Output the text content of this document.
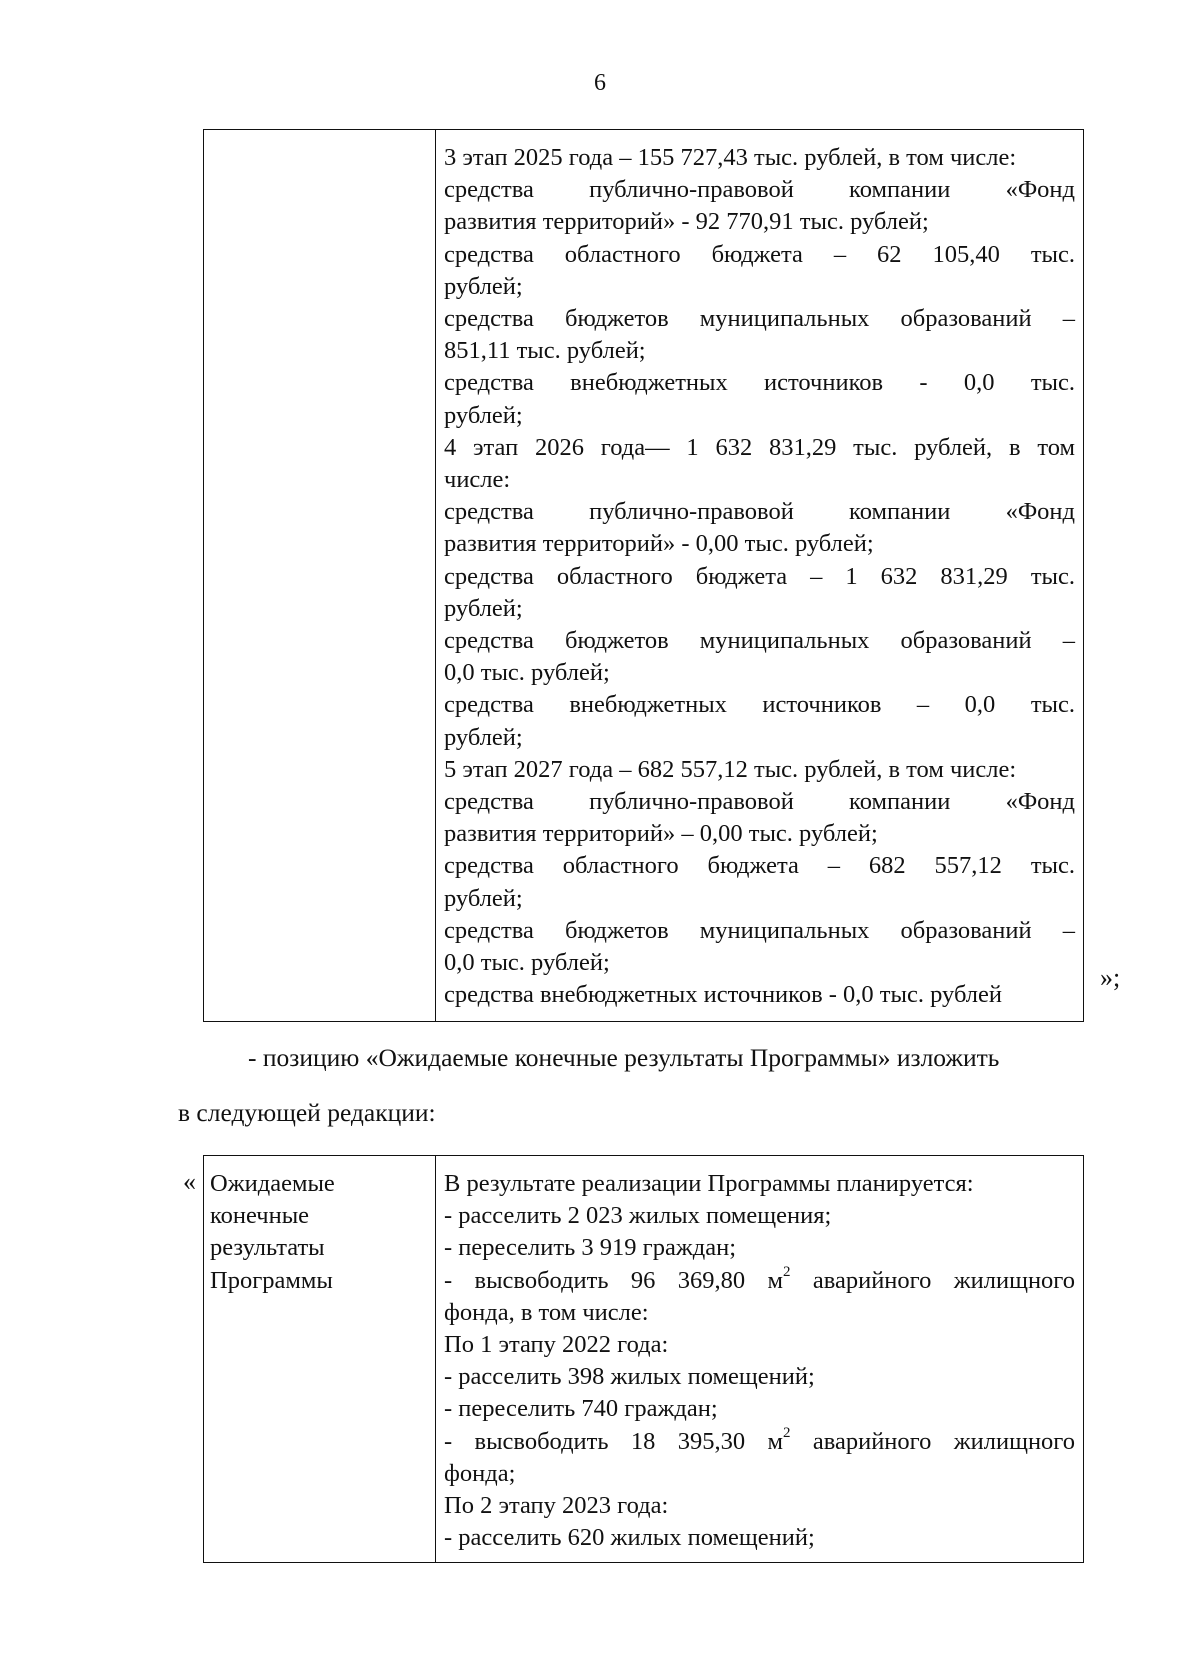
6
3 этап 2025 года – 155 727,43 тыс. рублей, в том числе:
средства публично-правовой компании «Фонд
развития территорий» - 92 770,91 тыс. рублей;
средства областного бюджета – 62 105,40 тыс.
рублей;
средства бюджетов муниципальных образований –
851,11 тыс. рублей;
средства внебюджетных источников - 0,0 тыс.
рублей;
4 этап 2026 года— 1 632 831,29 тыс. рублей, в том
числе:
средства публично-правовой компании «Фонд
развития территорий» - 0,00 тыс. рублей;
средства областного бюджета – 1 632 831,29 тыс.
рублей;
средства бюджетов муниципальных образований –
0,0 тыс. рублей;
средства внебюджетных источников – 0,0 тыс.
рублей;
5 этап 2027 года – 682 557,12 тыс. рублей, в том числе:
средства публично-правовой компании «Фонд
развития территорий» – 0,00 тыс. рублей;
средства областного бюджета – 682 557,12 тыс.
рублей;
средства бюджетов муниципальных образований –
0,0 тыс. рублей;
средства внебюджетных источников - 0,0 тыс. рублей
»;
- позицию «Ожидаемые конечные результаты Программы» изложить
в следующей редакции:
« Ожидаемые
конечные
результаты
Программы
В результате реализации Программы планируется:
- расселить 2 023 жилых помещения;
- переселить 3 919 граждан;
- высвободить 96 369,80 $м^2$ аварийного жилищного
фонда, в том числе:
По 1 этапу 2022 года:
- расселить 398 жилых помещений;
- переселить 740 граждан;
- высвободить 18 395,30 $м^2$ аварийного жилищного
фонда;
По 2 этапу 2023 года:
- расселить 620 жилых помещений;
